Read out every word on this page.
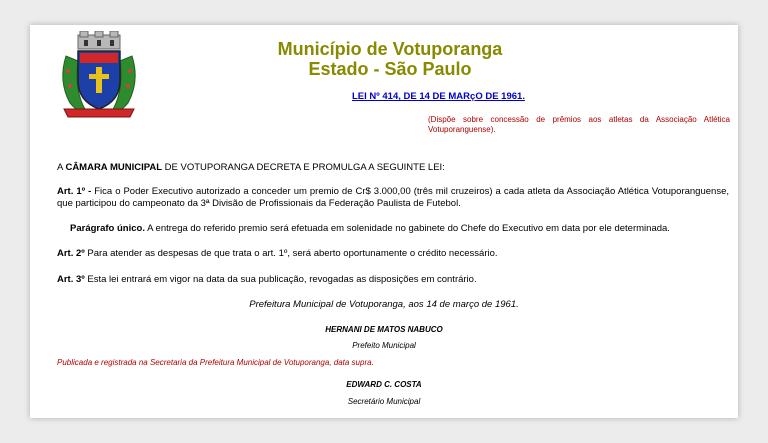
Município de Votuporanga
Estado - São Paulo
LEI Nº 414, DE 14 DE MARçO DE 1961.
(Dispõe sobre concessão de prêmios aos atletas da Associação Atlética Votuporanguense).
A CÂMARA MUNICIPAL DE VOTUPORANGA DECRETA E PROMULGA A SEGUINTE LEI:
Art. 1º - Fica o Poder Executivo autorizado a conceder um premio de Cr$ 3.000,00 (três mil cruzeiros) a cada atleta da Associação Atlética Votuporanguense, que participou do campeonato da 3ª Divisão de Profissionais da Federação Paulista de Futebol.
Parágrafo único. A entrega do referido premio será efetuada em solenidade no gabinete do Chefe do Executivo em data por ele determinada.
Art. 2º Para atender as despesas de que trata o art. 1º, será aberto oportunamente o crédito necessário.
Art. 3º Esta lei entrará em vigor na data da sua publicação, revogadas as disposições em contrário.
Prefeitura Municipal de Votuporanga, aos 14 de março de 1961.
HERNANI DE MATOS NABUCO
Prefeito Municipal
Publicada e registrada na Secretaria da Prefeitura Municipal de Votuporanga, data supra.
EDWARD C. COSTA
Secretário Municipal
